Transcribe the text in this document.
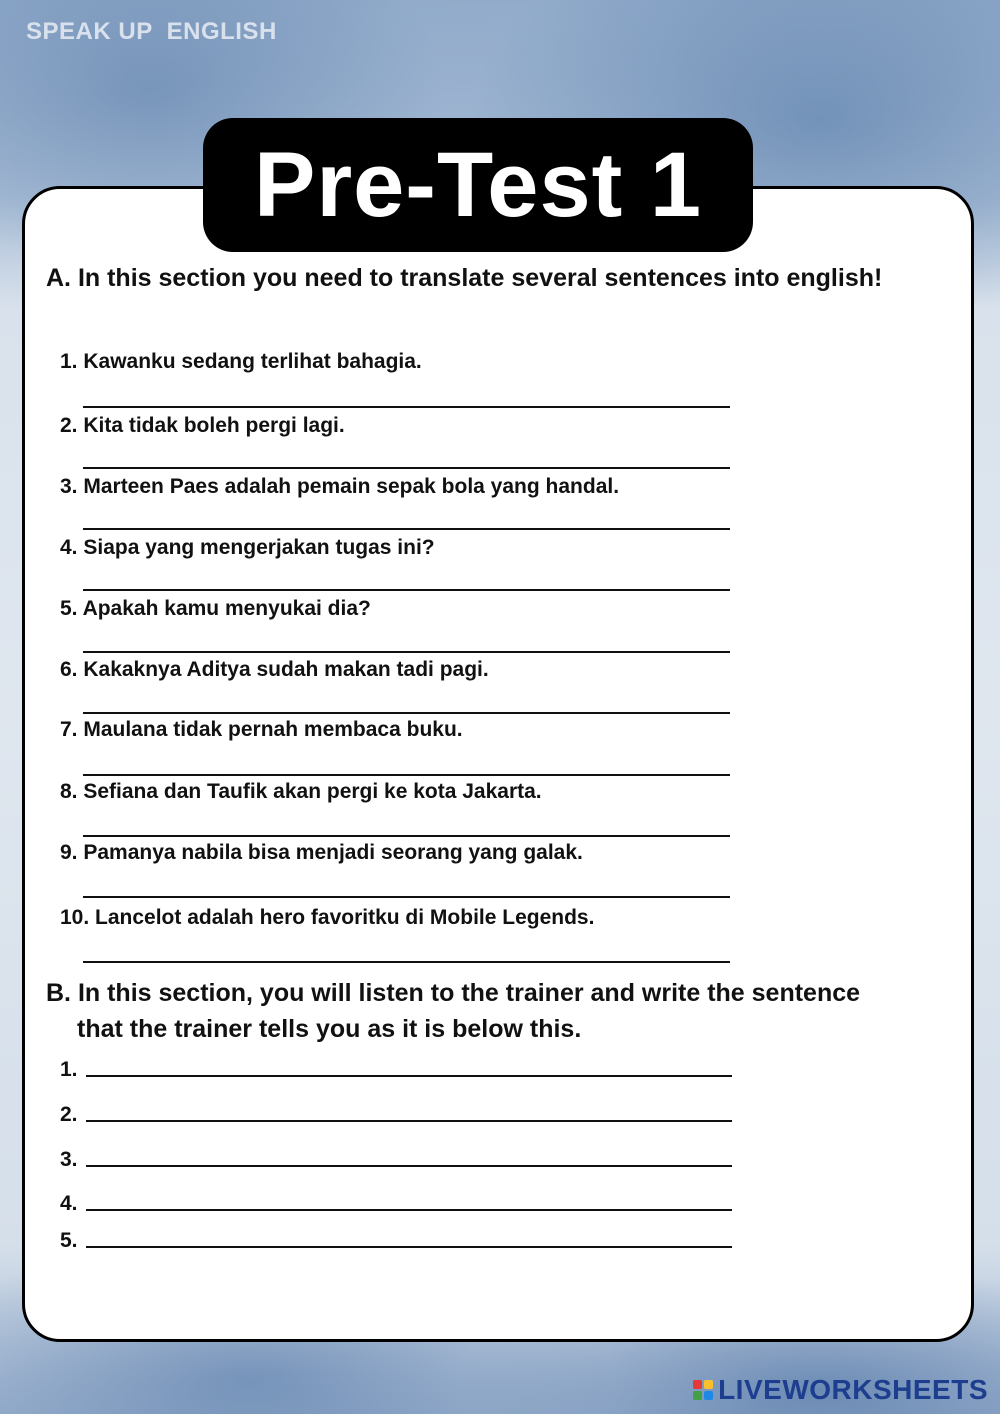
SPEAK UP  ENGLISH
Pre-Test 1
A. In this section you need to translate several sentences into english!
1. Kawanku sedang terlihat bahagia.
2. Kita tidak boleh pergi lagi.
3. Marteen Paes adalah pemain sepak bola yang handal.
4. Siapa yang mengerjakan tugas ini?
5. Apakah kamu menyukai dia?
6. Kakaknya Aditya sudah makan tadi pagi.
7. Maulana tidak pernah membaca buku.
8. Sefiana dan Taufik akan pergi ke kota Jakarta.
9. Pamanya nabila bisa menjadi seorang yang galak.
10. Lancelot adalah hero favoritku di Mobile Legends.
B. In this section, you will listen to the trainer and write the sentence
that the trainer tells you as it is below this.
1.
2.
3.
4.
5.
LIVEWORKSHEETS
